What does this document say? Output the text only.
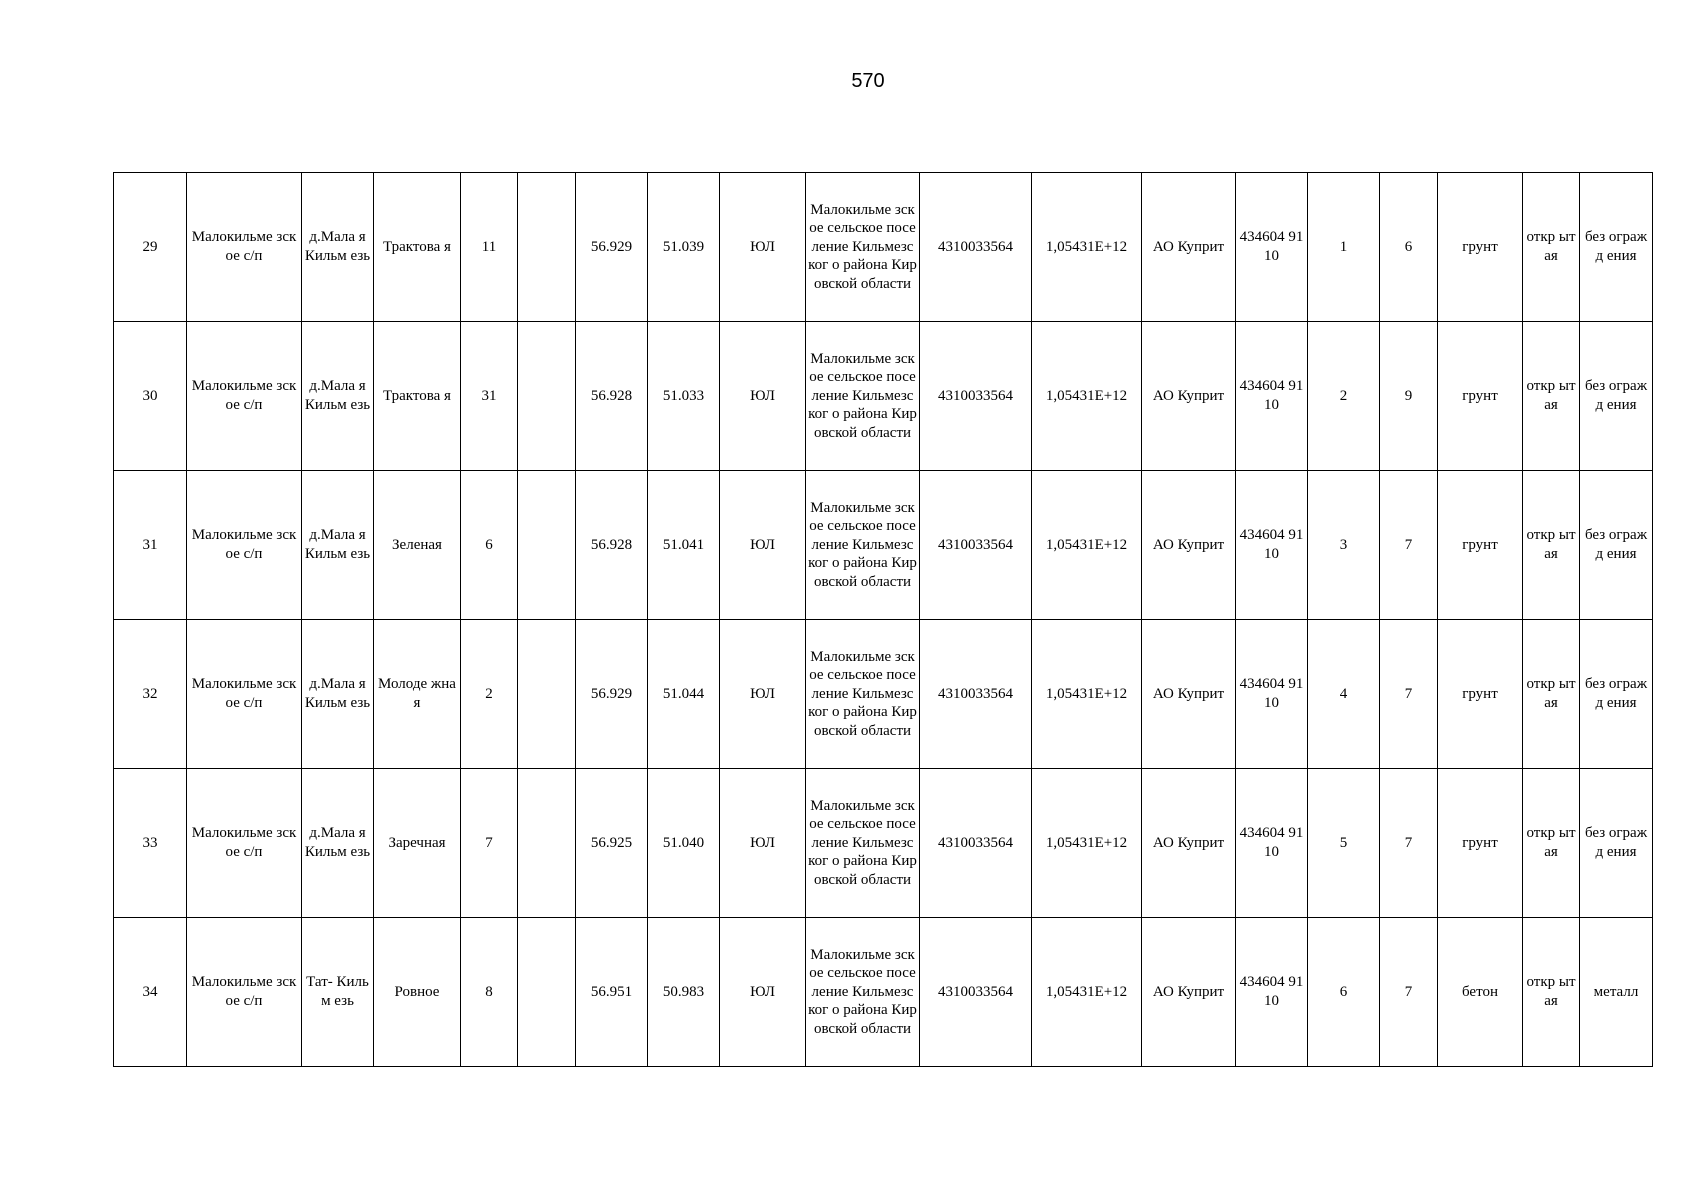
570
29	Малокильме зское с/п	д.Мала я Кильм езь	Трактова я	11		56.929	51.039	ЮЛ	Малокильме зское сельское поселение Кильмезског о района Кировской области	4310033564	1,05431E+12	АО Куприт	434604 9110	1	6	грунт	откр ытая	без огражд ения
30	Малокильме зское с/п	д.Мала я Кильм езь	Трактова я	31		56.928	51.033	ЮЛ	Малокильме зское сельское поселение Кильмезског о района Кировской области	4310033564	1,05431E+12	АО Куприт	434604 9110	2	9	грунт	откр ытая	без огражд ения
31	Малокильме зское с/п	д.Мала я Кильм езь	Зеленая	6		56.928	51.041	ЮЛ	Малокильме зское сельское поселение Кильмезског о района Кировской области	4310033564	1,05431E+12	АО Куприт	434604 9110	3	7	грунт	откр ытая	без огражд ения
32	Малокильме зское с/п	д.Мала я Кильм езь	Молоде жная	2		56.929	51.044	ЮЛ	Малокильме зское сельское поселение Кильмезског о района Кировской области	4310033564	1,05431E+12	АО Куприт	434604 9110	4	7	грунт	откр ытая	без огражд ения
33	Малокильме зское с/п	д.Мала я Кильм езь	Заречная	7		56.925	51.040	ЮЛ	Малокильме зское сельское поселение Кильмезског о района Кировской области	4310033564	1,05431E+12	АО Куприт	434604 9110	5	7	грунт	откр ытая	без огражд ения
34	Малокильме зское с/п	Тат- Кильм езь	Ровное	8		56.951	50.983	ЮЛ	Малокильме зское сельское поселение Кильмезског о района Кировской области	4310033564	1,05431E+12	АО Куприт	434604 9110	6	7	бетон	откр ытая	металл
